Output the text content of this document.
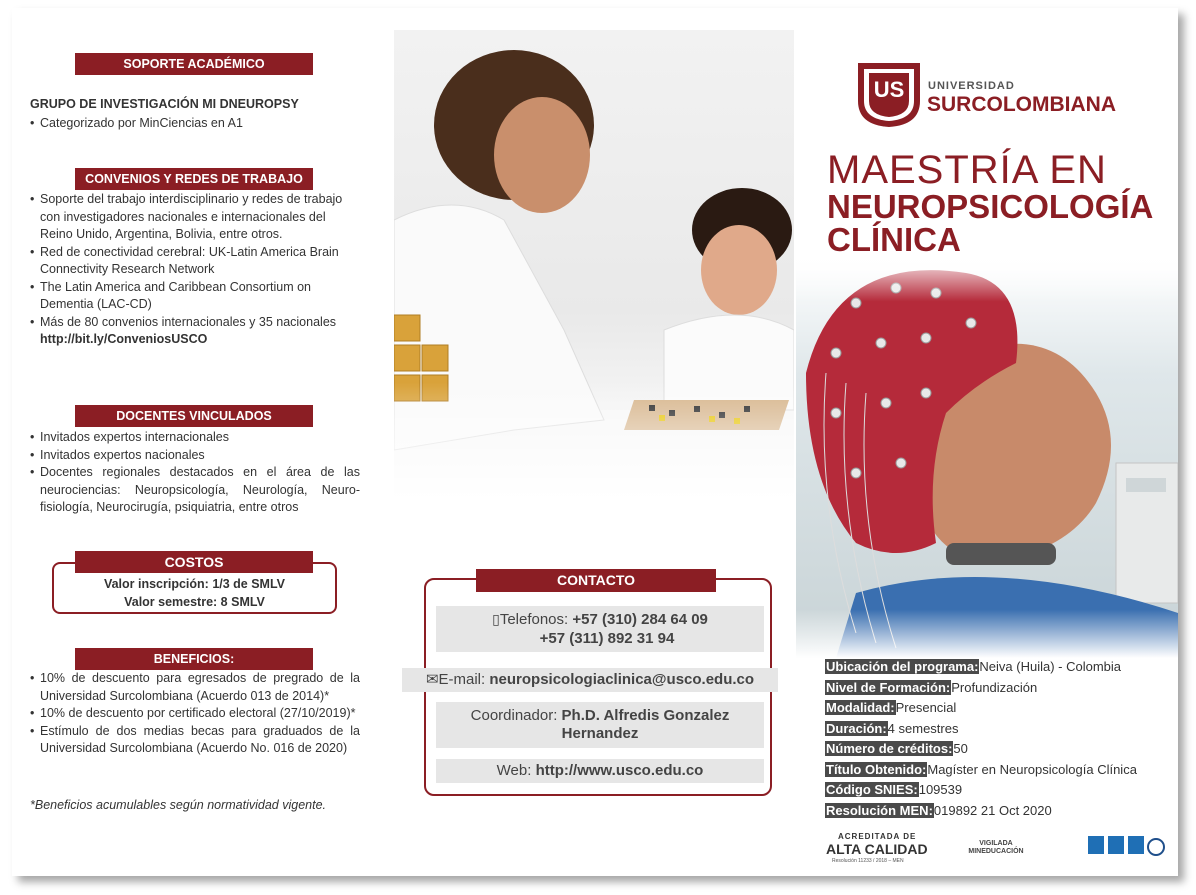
SOPORTE ACADÉMICO
GRUPO DE INVESTIGACIÓN MI DNEUROPSY
• Categorizado por MinCiencias en A1
CONVENIOS Y REDES DE TRABAJO
• Soporte del trabajo interdisciplinario y redes de trabajo con investigadores nacionales e internacionales del Reino Unido, Argentina, Bolivia, entre otros.
• Red de conectividad cerebral: UK-Latin America Brain Connectivity Research Network
• The Latin America and Caribbean Consortium on Dementia (LAC-CD)
• Más de 80 convenios internacionales y 35 nacionales
http://bit.ly/ConveniosUSCO
DOCENTES VINCULADOS
• Invitados expertos internacionales
• Invitados expertos nacionales
• Docentes regionales destacados en el área de las neurociencias: Neuropsicología, Neurología, Neuro-fisiología, Neurocirugía, psiquiatria, entre otros
COSTOS
Valor inscripción: 1/3 de SMLV
Valor semestre: 8 SMLV
BENEFICIOS:
• 10% de descuento para egresados de pregrado de la Universidad Surcolombiana (Acuerdo 013 de 2014)*
• 10% de descuento por certificado electoral (27/10/2019)*
• Estímulo de dos medias becas para graduados de la Universidad Surcolombiana (Acuerdo No. 016 de 2020)
*Beneficios acumulables según normatividad vigente.
CONTACTO
▯Telefonos: +57 (310) 284 64 09
+57 (311) 892 31 94
✉E-mail: neuropsicologiaclinica@usco.edu.co
Coordinador: Ph.D. Alfredis Gonzalez
Hernandez
Web: http://www.usco.edu.co
US	UNIVERSIDAD
SURCOLOMBIANA
MAESTRÍA EN
NEUROPSICOLOGÍA
CLÍNICA
Ubicación del programa:Neiva (Huila) - Colombia
Nivel de Formación:Profundización
Modalidad:Presencial
Duración:4 semestres
Número de créditos:50
Título Obtenido:Magíster en Neuropsicología Clínica
Código SNIES:109539
Resolución MEN:019892 21 Oct 2020
ACREDITADA DE
ALTA CALIDAD
Resolución 11233 / 2018 – MEN
VIGILADA
MINEDUCACIÓN
